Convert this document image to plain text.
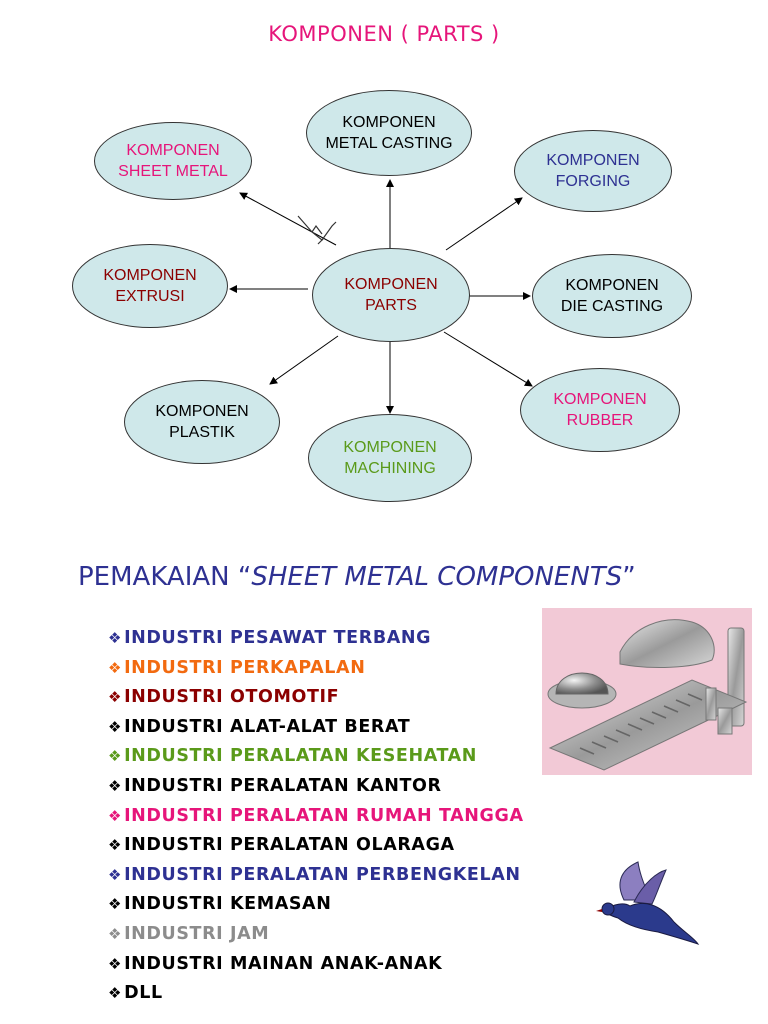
KOMPONEN ( PARTS )
KOMPONEN
SHEET METAL
KOMPONEN
METAL CASTING
KOMPONEN
FORGING
KOMPONEN
EXTRUSI
KOMPONEN
PARTS
KOMPONEN
DIE CASTING
KOMPONEN
PLASTIK
KOMPONEN
MACHINING
KOMPONEN
RUBBER
PEMAKAIAN “SHEET METAL COMPONENTS”
❖ INDUSTRI PESAWAT TERBANG
❖ INDUSTRI PERKAPALAN
❖ INDUSTRI OTOMOTIF
❖ INDUSTRI ALAT-ALAT BERAT
❖ INDUSTRI PERALATAN KESEHATAN
❖ INDUSTRI PERALATAN KANTOR
❖ INDUSTRI PERALATAN RUMAH TANGGA
❖ INDUSTRI PERALATAN OLARAGA
❖ INDUSTRI PERALATAN PERBENGKELAN
❖ INDUSTRI KEMASAN
❖ INDUSTRI JAM
❖ INDUSTRI MAINAN ANAK-ANAK
❖ DLL
